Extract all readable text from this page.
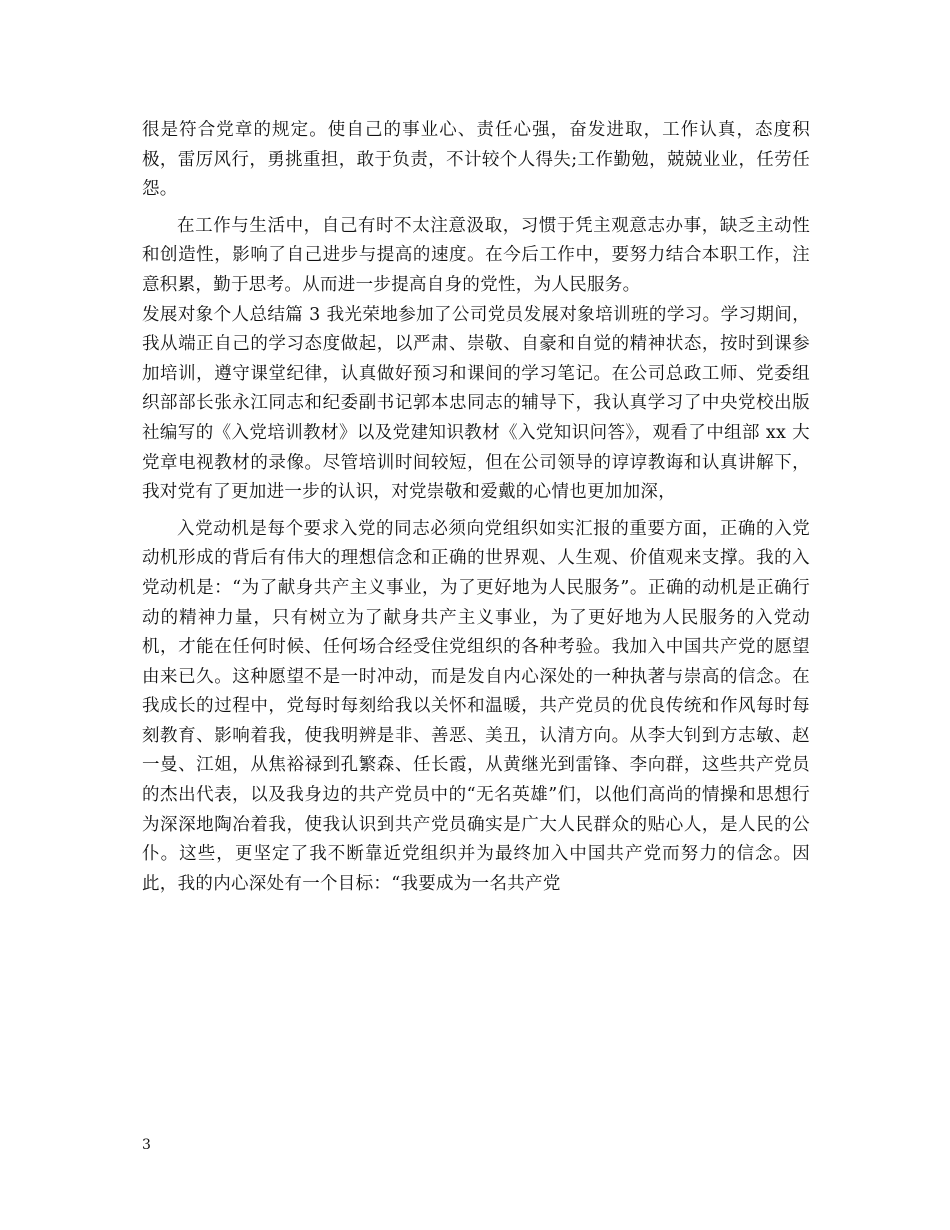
很是符合党章的规定。使自己的事业心、责任心强，奋发进取，工作认真，态度积极，雷厉风行，勇挑重担，敢于负责，不计较个人得失;工作勤勉，兢兢业业，任劳任怨。

在工作与生活中，自己有时不太注意汲取，习惯于凭主观意志办事，缺乏主动性和创造性，影响了自己进步与提高的速度。在今后工作中，要努力结合本职工作，注意积累，勤于思考。从而进一步提高自身的党性，为人民服务。

发展对象个人总结篇 3 我光荣地参加了公司党员发展对象培训班的学习。学习期间，我从端正自己的学习态度做起，以严肃、崇敬、自豪和自觉的精神状态，按时到课参加培训，遵守课堂纪律，认真做好预习和课间的学习笔记。在公司总政工师、党委组织部部长张永江同志和纪委副书记郭本忠同志的辅导下，我认真学习了中央党校出版社编写的《入党培训教材》以及党建知识教材《入党知识问答》，观看了中组部 xx 大党章电视教材的录像。尽管培训时间较短，但在公司领导的谆谆教诲和认真讲解下，我对党有了更加进一步的认识，对党崇敬和爱戴的心情也更加加深，

入党动机是每个要求入党的同志必须向党组织如实汇报的重要方面，正确的入党动机形成的背后有伟大的理想信念和正确的世界观、人生观、价值观来支撑。我的入党动机是：“为了献身共产主义事业，为了更好地为人民服务”。正确的动机是正确行动的精神力量，只有树立为了献身共产主义事业，为了更好地为人民服务的入党动机，才能在任何时候、任何场合经受住党组织的各种考验。我加入中国共产党的愿望由来已久。这种愿望不是一时冲动，而是发自内心深处的一种执著与崇高的信念。在我成长的过程中，党每时每刻给我以关怀和温暖，共产党员的优良传统和作风每时每刻教育、影响着我，使我明辨是非、善恶、美丑，认清方向。从李大钊到方志敏、赵一曼、江姐，从焦裕禄到孔繁森、任长霞，从黄继光到雷锋、李向群，这些共产党员的杰出代表，以及我身边的共产党员中的“无名英雄”们，以他们高尚的情操和思想行为深深地陶冶着我，使我认识到共产党员确实是广大人民群众的贴心人，是人民的公仆。这些，更坚定了我不断靠近党组织并为最终加入中国共产党而努力的信念。因此，我的内心深处有一个目标：“我要成为一名共产党

3
